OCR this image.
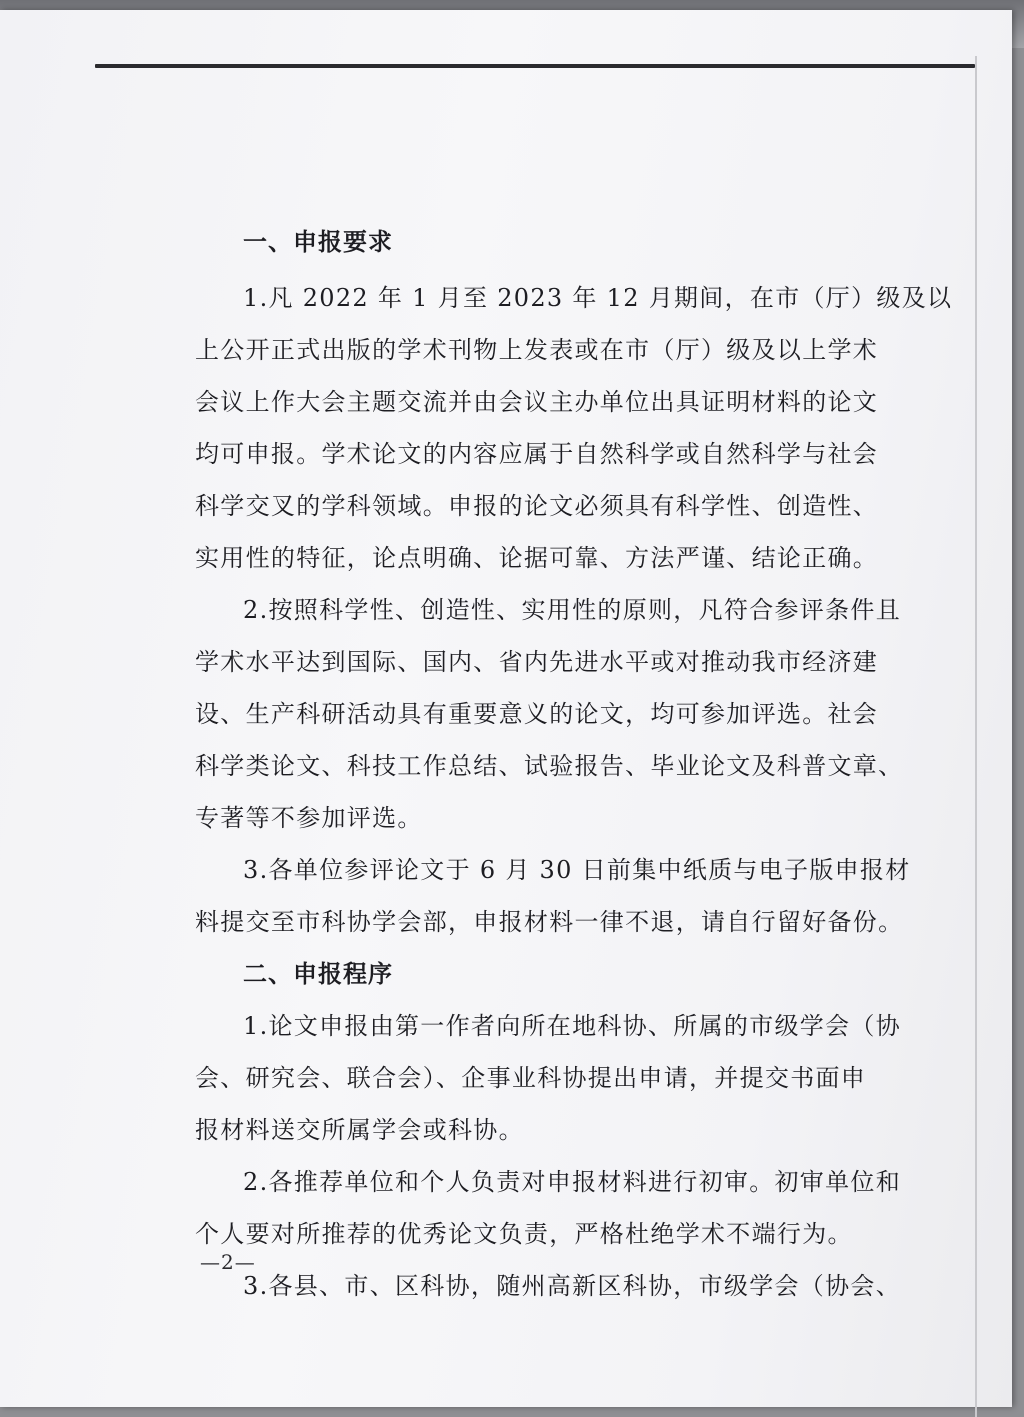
一、申报要求
1.凡 2022 年 1 月至 2023 年 12 月期间，在市（厅）级及以
上公开正式出版的学术刊物上发表或在市（厅）级及以上学术
会议上作大会主题交流并由会议主办单位出具证明材料的论文
均可申报。学术论文的内容应属于自然科学或自然科学与社会
科学交叉的学科领域。申报的论文必须具有科学性、创造性、
实用性的特征，论点明确、论据可靠、方法严谨、结论正确。
2.按照科学性、创造性、实用性的原则，凡符合参评条件且
学术水平达到国际、国内、省内先进水平或对推动我市经济建
设、生产科研活动具有重要意义的论文，均可参加评选。社会
科学类论文、科技工作总结、试验报告、毕业论文及科普文章、
专著等不参加评选。
3.各单位参评论文于 6 月 30 日前集中纸质与电子版申报材
料提交至市科协学会部，申报材料一律不退，请自行留好备份。
二、申报程序
1.论文申报由第一作者向所在地科协、所属的市级学会（协
会、研究会、联合会）、企事业科协提出申请，并提交书面申
报材料送交所属学会或科协。
2.各推荐单位和个人负责对申报材料进行初审。初审单位和
个人要对所推荐的优秀论文负责，严格杜绝学术不端行为。
3.各县、市、区科协，随州高新区科协，市级学会（协会、
—2—
